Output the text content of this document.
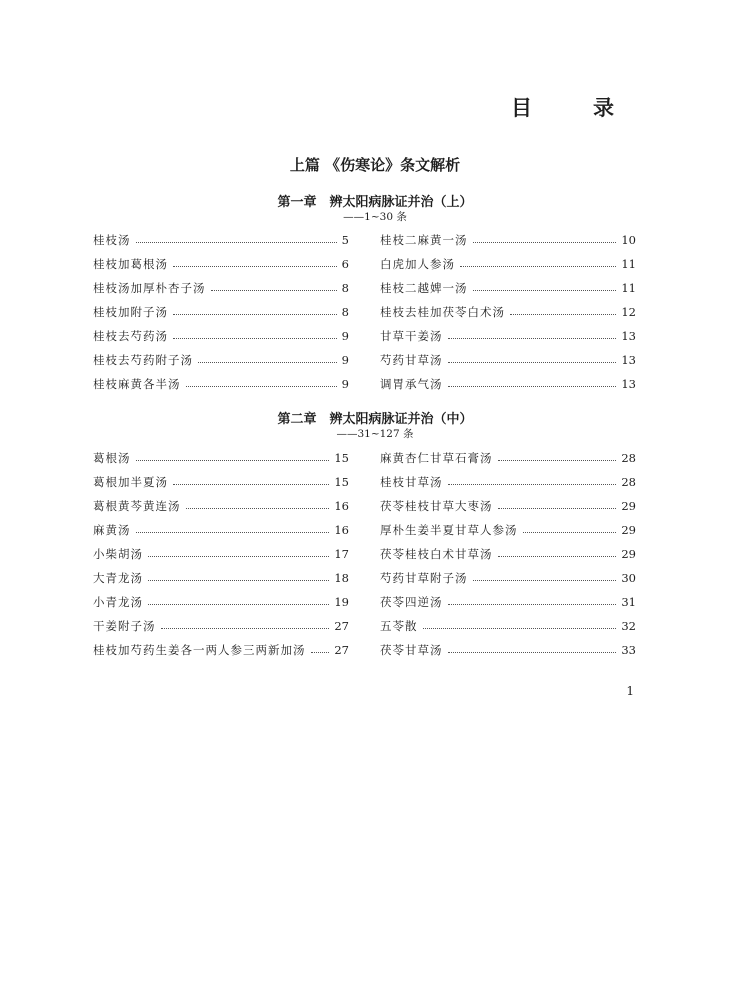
目　录
上篇 《伤寒论》条文解析
第一章　辨太阳病脉证并治（上）
——1~30 条
桂枝汤	5	桂枝二麻黄一汤	10
桂枝加葛根汤	6	白虎加人参汤	11
桂枝汤加厚朴杏子汤	8	桂枝二越婢一汤	11
桂枝加附子汤	8	桂枝去桂加茯苓白术汤	12
桂枝去芍药汤	9	甘草干姜汤	13
桂枝去芍药附子汤	9	芍药甘草汤	13
桂枝麻黄各半汤	9	调胃承气汤	13
第二章　辨太阳病脉证并治（中）
——31~127 条
葛根汤	15	麻黄杏仁甘草石膏汤	28
葛根加半夏汤	15	桂枝甘草汤	28
葛根黄芩黄连汤	16	茯苓桂枝甘草大枣汤	29
麻黄汤	16	厚朴生姜半夏甘草人参汤	29
小柴胡汤	17	茯苓桂枝白术甘草汤	29
大青龙汤	18	芍药甘草附子汤	30
小青龙汤	19	茯苓四逆汤	31
干姜附子汤	27	五苓散	32
桂枝加芍药生姜各一两人参三两新加汤	27	茯苓甘草汤	33
1
